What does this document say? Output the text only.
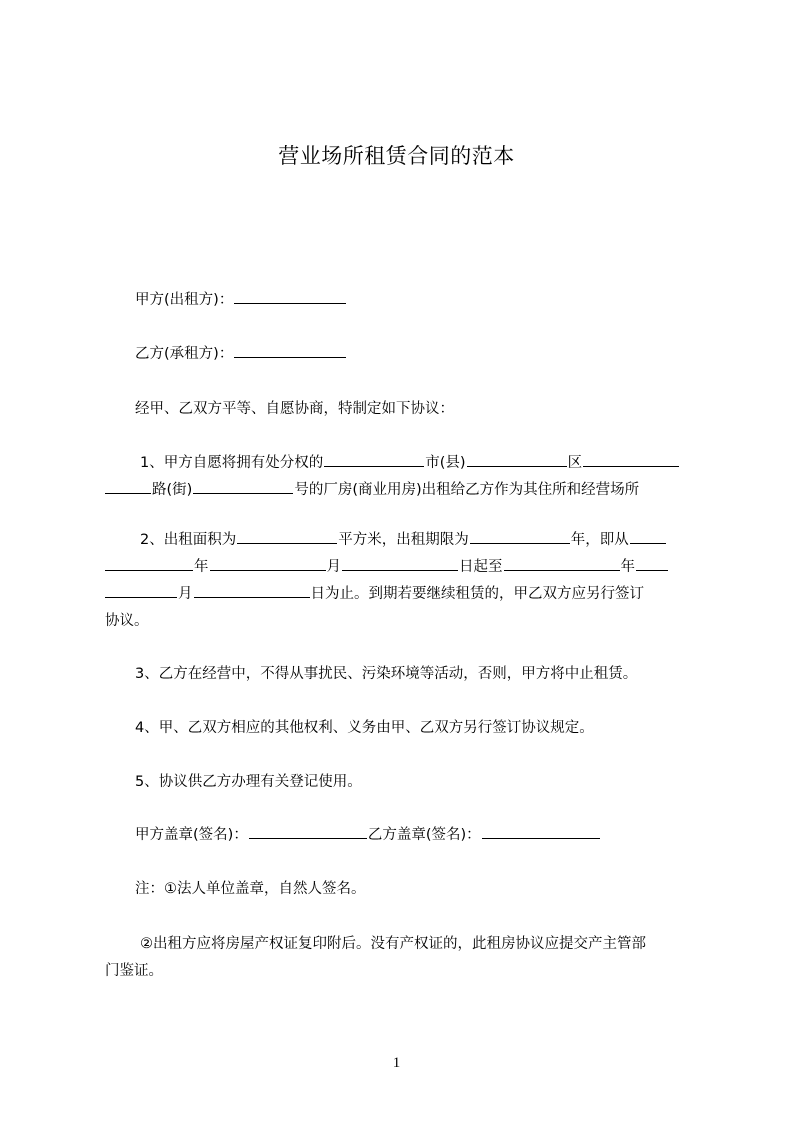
营业场所租赁合同的范本
甲方(出租方)：
乙方(承租方)：
经甲、乙双方平等、自愿协商，特制定如下协议：
1、甲方自愿将拥有处分权的	市(县)	区
路(街)	号的厂房(商业用房)出租给乙方作为其住所和经营场所
2、出租面积为	平方米，出租期限为	年，即从
年	月	日起至	年
月	日为止。到期若要继续租赁的，甲乙双方应另行签订
协议。
3、乙方在经营中，不得从事扰民、污染环境等活动，否则，甲方将中止租赁。
4、甲、乙双方相应的其他权利、义务由甲、乙双方另行签订协议规定。
5、协议供乙方办理有关登记使用。
甲方盖章(签名)：	乙方盖章(签名)：
注：①法人单位盖章，自然人签名。
②出租方应将房屋产权证复印附后。没有产权证的，此租房协议应提交产主管部
门鉴证。
1
